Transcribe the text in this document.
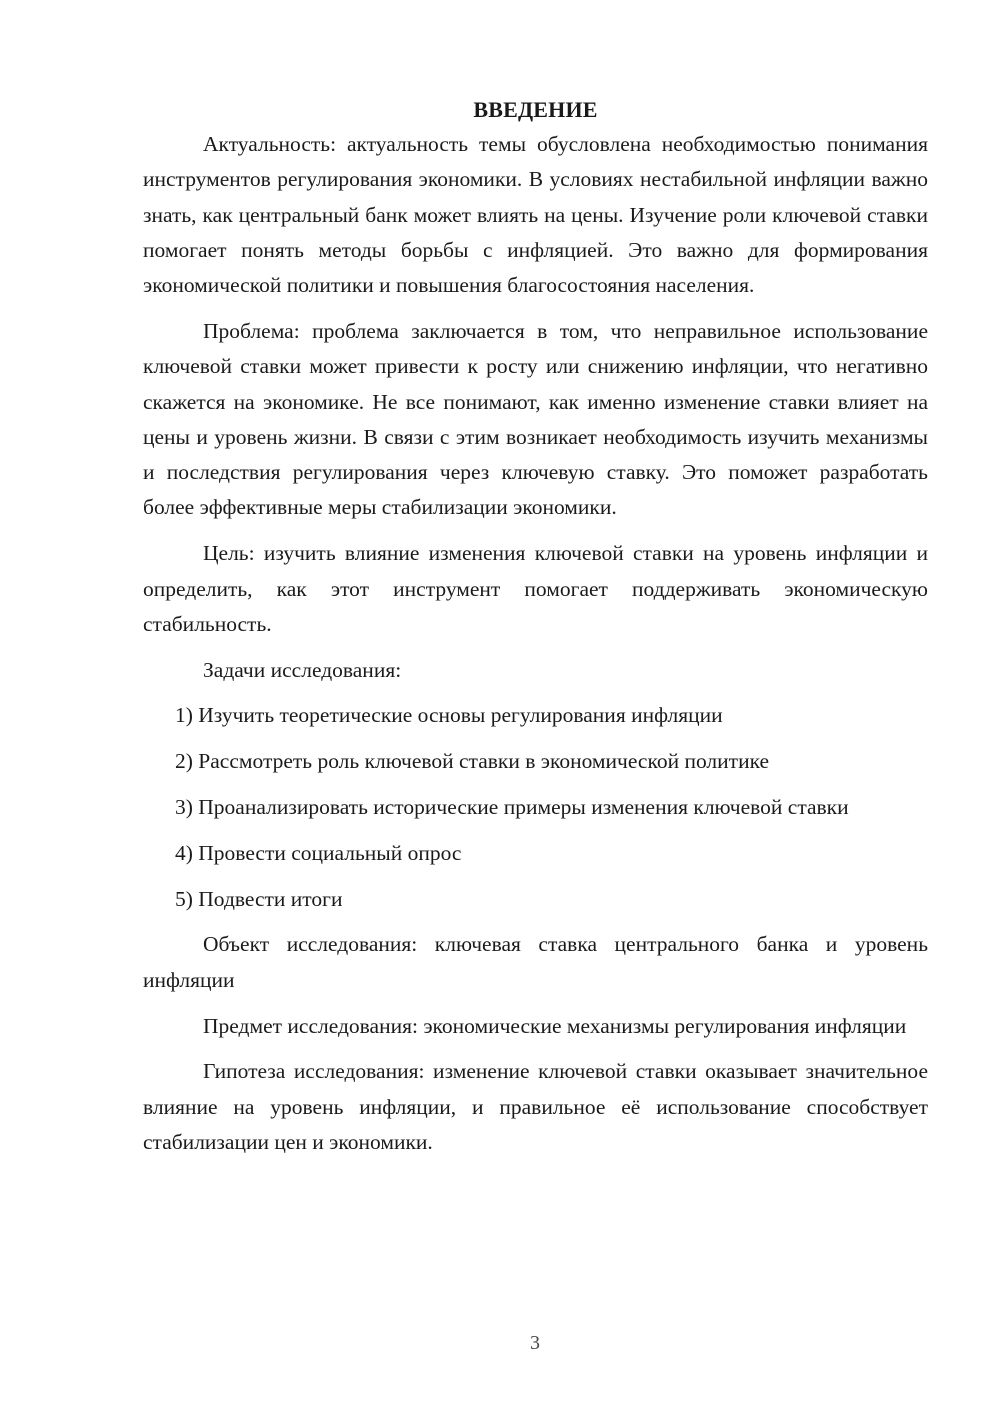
ВВЕДЕНИЕ

Актуальность: актуальность темы обусловлена необходимостью понимания инструментов регулирования экономики. В условиях нестабильной инфляции важно знать, как центральный банк может влиять на цены. Изучение роли ключевой ставки помогает понять методы борьбы с инфляцией. Это важно для формирования экономической политики и повышения благосостояния населения.

Проблема: проблема заключается в том, что неправильное использование ключевой ставки может привести к росту или снижению инфляции, что негативно скажется на экономике. Не все понимают, как именно изменение ставки влияет на цены и уровень жизни. В связи с этим возникает необходимость изучить механизмы и последствия регулирования через ключевую ставку. Это поможет разработать более эффективные меры стабилизации экономики.

Цель: изучить влияние изменения ключевой ставки на уровень инфляции и определить, как этот инструмент помогает поддерживать экономическую стабильность.

Задачи исследования:

1) Изучить теоретические основы регулирования инфляции

2) Рассмотреть роль ключевой ставки в экономической политике

3) Проанализировать исторические примеры изменения ключевой ставки

4) Провести социальный опрос

5) Подвести итоги

Объект исследования: ключевая ставка центрального банка и уровень инфляции

Предмет исследования: экономические механизмы регулирования инфляции

Гипотеза исследования: изменение ключевой ставки оказывает значительное влияние на уровень инфляции, и правильное её использование способствует стабилизации цен и экономики.

3
